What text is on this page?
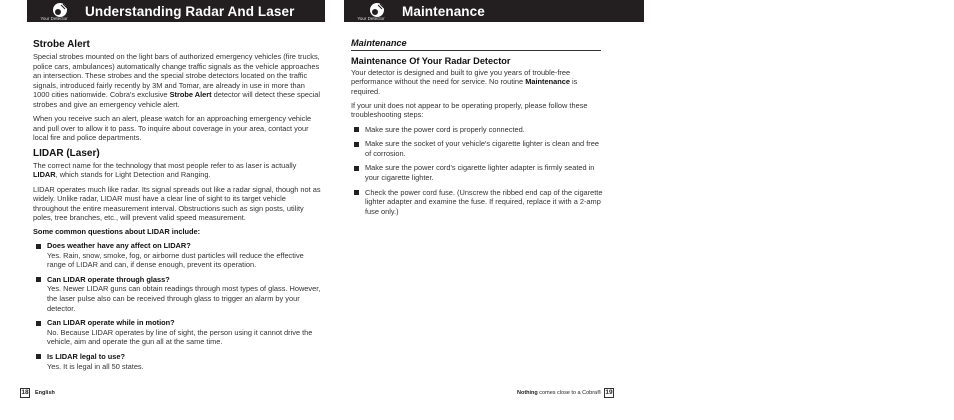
Your Detector	Understanding Radar And Laser	Your Detector	Maintenance
Strobe Alert

Special strobes mounted on the light bars of authorized emergency vehicles (fire trucks, police cars, ambulances) automatically change traffic signals as the vehicle approaches an intersection. These strobes and the special strobe detectors located on the traffic signals, introduced fairly recently by 3M and Tomar, are already in use in more than 1000 cities nationwide. Cobra's exclusive Strobe Alert detector will detect these special strobes and give an emergency vehicle alert.

When you receive such an alert, please watch for an approaching emergency vehicle and pull over to allow it to pass. To inquire about coverage in your area, contact your local fire and police departments.

LIDAR (Laser)

The correct name for the technology that most people refer to as laser is actually LIDAR, which stands for Light Detection and Ranging.

LIDAR operates much like radar. Its signal spreads out like a radar signal, though not as widely. Unlike radar, LIDAR must have a clear line of sight to its target vehicle throughout the entire measurement interval. Obstructions such as sign posts, utility poles, tree branches, etc., will prevent valid speed measurement.

Some common questions about LIDAR include:
Does weather have any affect on LIDAR?
Yes. Rain, snow, smoke, fog, or airborne dust particles will reduce the effective range of LIDAR and can, if dense enough, prevent its operation.
Can LIDAR operate through glass?
Yes. Newer LIDAR guns can obtain readings through most types of glass. However, the laser pulse also can be received through glass to trigger an alarm by your detector.
Can LIDAR operate while in motion?
No. Because LIDAR operates by line of sight, the person using it cannot drive the vehicle, aim and operate the gun all at the same time.
Is LIDAR legal to use?
Yes. It is legal in all 50 states.
Maintenance
Maintenance Of Your Radar Detector

Your detector is designed and built to give you years of trouble-free performance without the need for service. No routine Maintenance is required.

If your unit does not appear to be operating properly, please follow these troubleshooting steps:

Make sure the power cord is properly connected.
Make sure the socket of your vehicle's cigarette lighter is clean and free of corrosion.
Make sure the power cord's cigarette lighter adapter is firmly seated in your cigarette lighter.
Check the power cord fuse. (Unscrew the ribbed end cap of the cigarette lighter adapter and examine the fuse. If required, replace it with a 2-amp fuse only.)
18 English	Nothing comes close to a Cobra® 19
